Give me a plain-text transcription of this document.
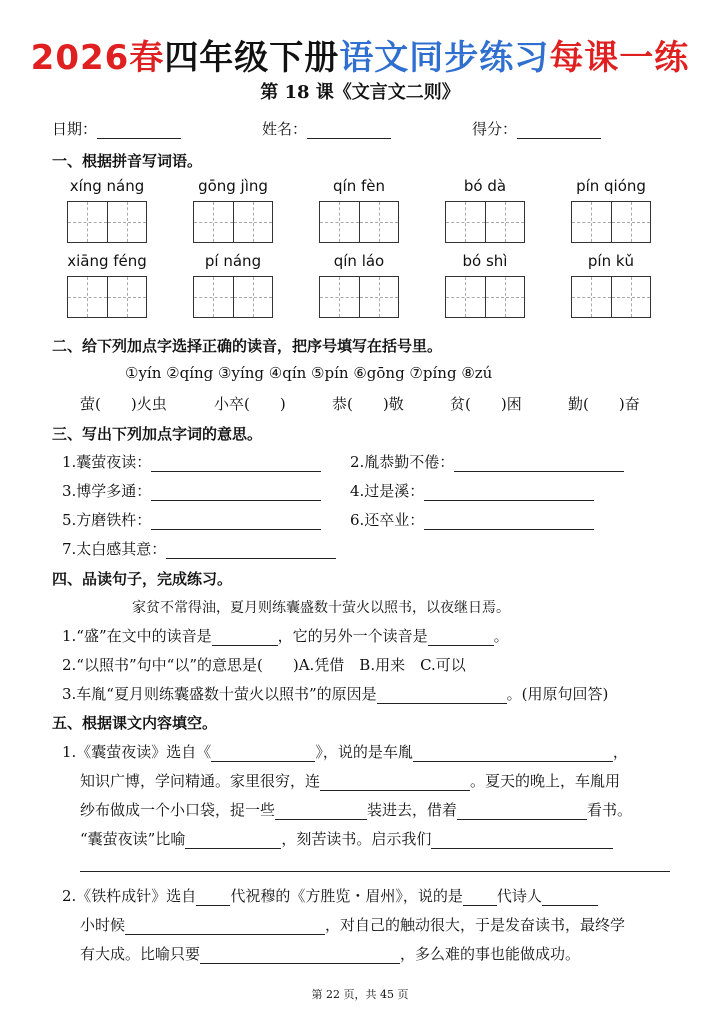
2026春四年级下册语文同步练习每课一练
第 18 课《文言文二则》
日期：	姓名：	得分：
一、根据拼音写词语。
xíng náng	gōng jìng	qín fèn	bó dà	pín qióng
xiāng féng	pí náng	qín láo	bó shì	pín kǔ
二、给下列加点字选择正确的读音，把序号填写在括号里。
①yín ②qíng ③yíng ④qín ⑤pín ⑥gōng ⑦píng ⑧zú
萤(　　)火虫	小卒(　　)	恭(　　)敬	贫(　　)困	勤(　　)奋
三、写出下列加点字词的意思。
1.囊萤夜读：	2.胤恭勤不倦：
3.博学多通：	4.过是溪：
5.方磨铁杵：	6.还卒业：
7.太白感其意：
四、品读句子，完成练习。
家贫不常得油，夏月则练囊盛数十萤火以照书，以夜继日焉。
1.“盛”在文中的读音是	，它的另外一个读音是	。
2.“以照书”句中“以”的意思是(　　)A.凭借　B.用来　C.可以
3.车胤“夏月则练囊盛数十萤火以照书”的原因是	。(用原句回答)
五、根据课文内容填空。
1.《囊萤夜读》选自《	》，说的是车胤	，
知识广博，学问精通。家里很穷，连	。夏天的晚上，车胤用
纱布做成一个小口袋，捉一些	装进去，借着	看书。
“囊萤夜读”比喻	，刻苦读书。启示我们
2.《铁杵成针》选自 代祝穆的《方胜览・眉州》，说的是 代诗人
小时候	，对自己的触动很大，于是发奋读书，最终学
有大成。比喻只要	，多么难的事也能做成功。
第 22 页，共 45 页
